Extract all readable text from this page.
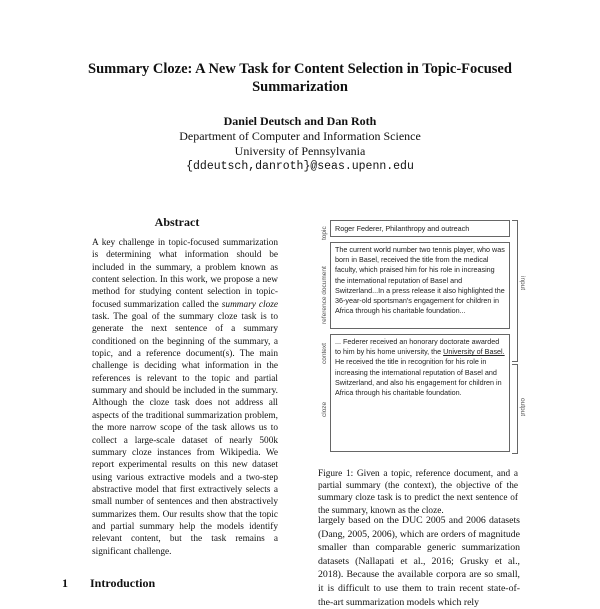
Summary Cloze: A New Task for Content Selection in Topic-Focused Summarization
Daniel Deutsch and Dan Roth
Department of Computer and Information Science
University of Pennsylvania
{ddeutsch,danroth}@seas.upenn.edu
Abstract

A key challenge in topic-focused summarization is determining what information should be included in the summary, a problem known as content selection. In this work, we propose a new method for studying content selection in topic-focused summarization called the summary cloze task. The goal of the summary cloze task is to generate the next sentence of a summary conditioned on the beginning of the summary, a topic, and a reference document(s). The main challenge is deciding what information in the references is relevant to the topic and partial summary and should be included in the summary. Although the cloze task does not address all aspects of the traditional summarization problem, the more narrow scope of the task allows us to collect a large-scale dataset of nearly 500k summary cloze instances from Wikipedia. We report experimental results on this new dataset using various extractive models and a two-step abstractive model that first extractively selects a small number of sentences and then abstractively summarizes them. Our results show that the topic and partial summary help the models identify relevant content, but the task remains a significant challenge.

1 Introduction
topic Roger Federer, Philanthropy and outreach
reference document
The current world number two tennis player, who was born in Basel, received the title from the medical faculty, which praised him for his role in increasing the international reputation of Basel and Switzerland...In a press release it also highlighted the 36-year-old sportsman's engagement for children in Africa through his charitable foundation...
context
cloze
... Federer received an honorary doctorate awarded to him by his home university, the University of Basel. He received the title in recognition for his role in increasing the international reputation of Basel and Switzerland, and also his engagement for children in Africa through his charitable foundation.
input
output
Figure 1: Given a topic, reference document, and a partial summary (the context), the objective of the summary cloze task is to predict the next sentence of the summary, known as the cloze.
largely based on the DUC 2005 and 2006 datasets (Dang, 2005, 2006), which are orders of magnitude smaller than comparable generic summarization datasets (Nallapati et al., 2016; Grusky et al., 2018). Because the available corpora are so small, it is difficult to use them to train recent state-of-the-art summarization models which rely
